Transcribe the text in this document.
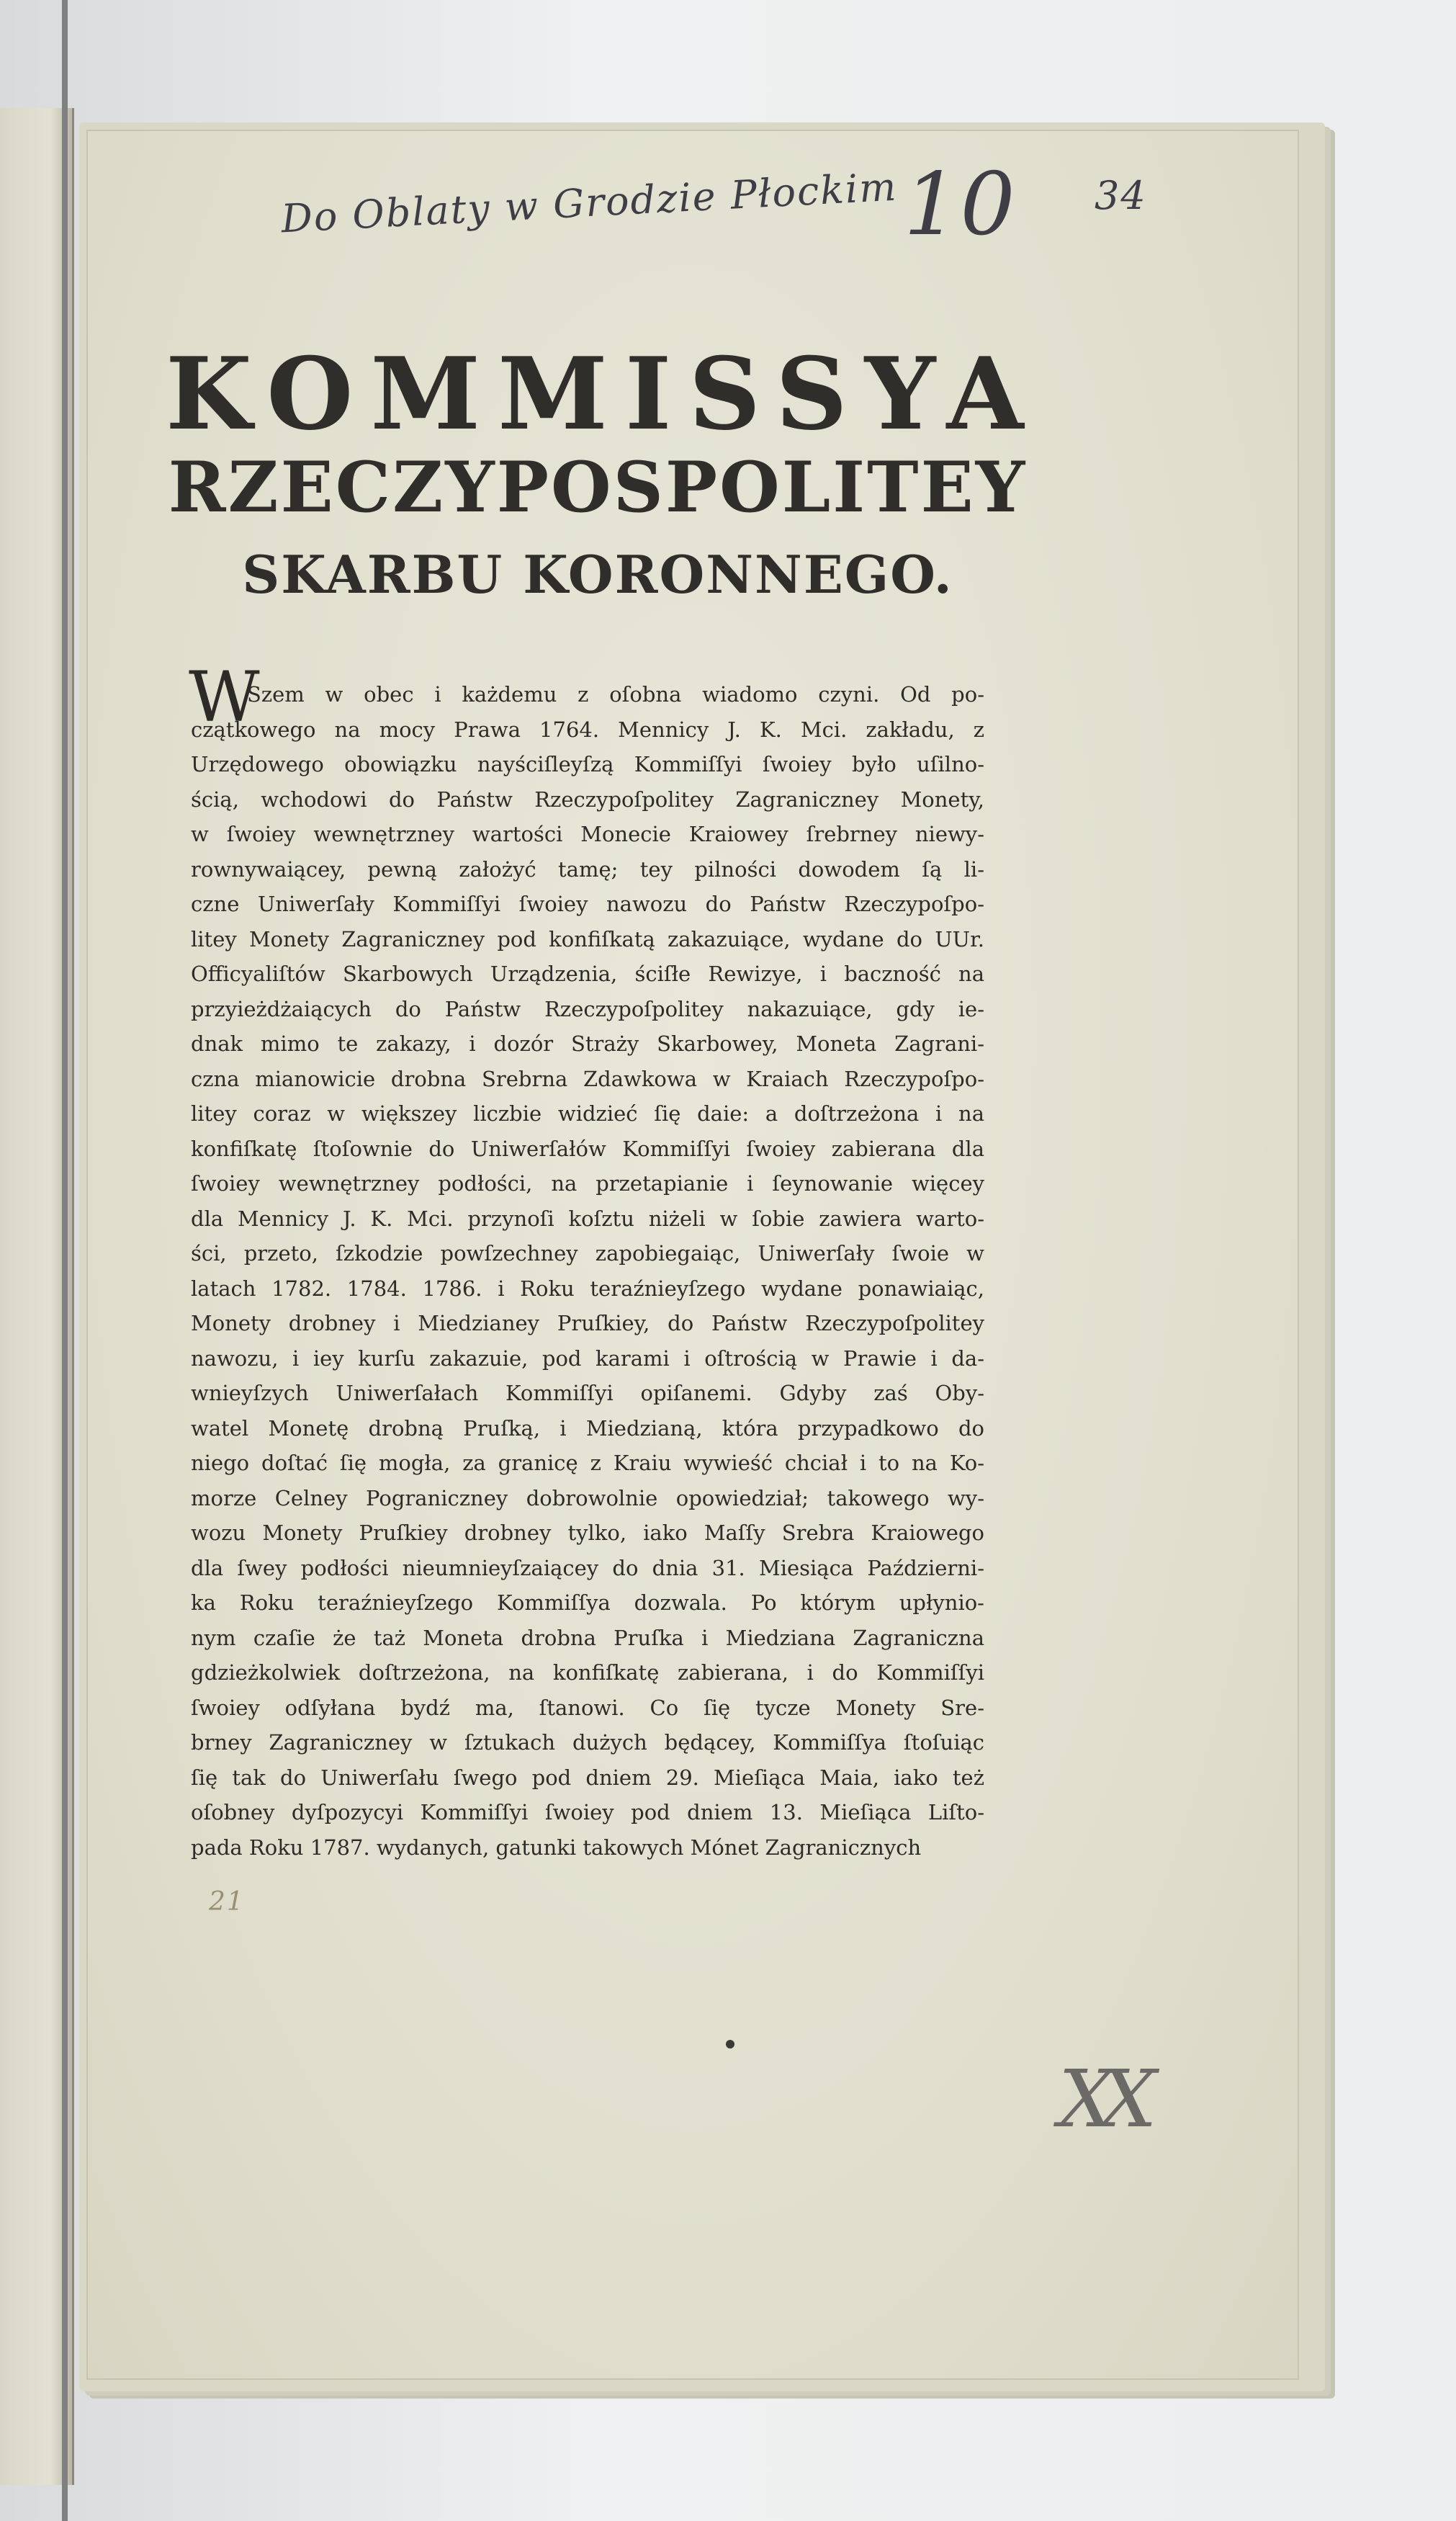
Do Oblaty w Grodzie Płockim 10 34
KOMMISSYA
RZECZYPOSPOLITEY
SKARBU KORONNEGO.
W
Szem w obec i każdemu z oſobna wiadomo czyni. Od po-
czątkowego na mocy Prawa 1764. Mennicy J. K. Mci. zakładu, z
Urzędowego obowiązku nayściſleyſzą Kommiſſyi ſwoiey było uſilno-
ścią, wchodowi do Państw Rzeczypoſpolitey Zagraniczney Monety,
w ſwoiey wewnętrzney wartości Monecie Kraiowey ſrebrney niewy-
rownywaiącey, pewną założyć tamę; tey pilności dowodem ſą li-
czne Uniwerſały Kommiſſyi ſwoiey nawozu do Państw Rzeczypoſpo-
litey Monety Zagraniczney pod konfiſkatą zakazuiące, wydane do UUr.
Officyaliſtów Skarbowych Urządzenia, ściſłe Rewizye, i baczność na
przyieżdżaiących do Państw Rzeczypoſpolitey nakazuiące, gdy ie-
dnak mimo te zakazy, i dozór Straży Skarbowey, Moneta Zagrani-
czna mianowicie drobna Srebrna Zdawkowa w Kraiach Rzeczypoſpo-
litey coraz w większey liczbie widzieć ſię daie: a doſtrzeżona i na
konfiſkatę ſtoſownie do Uniwerſałów Kommiſſyi ſwoiey zabierana dla
ſwoiey wewnętrzney podłości, na przetapianie i ſeynowanie więcey
dla Mennicy J. K. Mci. przynoſi koſztu niżeli w ſobie zawiera warto-
ści, przeto, ſzkodzie powſzechney zapobiegaiąc, Uniwerſały ſwoie w
latach 1782. 1784. 1786. i Roku teraźnieyſzego wydane ponawiaiąc,
Monety drobney i Miedzianey Pruſkiey, do Państw Rzeczypoſpolitey
nawozu, i iey kurſu zakazuie, pod karami i oſtrością w Prawie i da-
wnieyſzych Uniwerſałach Kommiſſyi opiſanemi. Gdyby zaś Oby-
watel Monetę drobną Pruſką, i Miedzianą, która przypadkowo do
niego doſtać ſię mogła, za granicę z Kraiu wywieść chciał i to na Ko-
morze Celney Pograniczney dobrowolnie opowiedział; takowego wy-
wozu Monety Pruſkiey drobney tylko, iako Maſſy Srebra Kraiowego
dla ſwey podłości nieumnieyſzaiącey do dnia 31. Miesiąca Październi-
ka Roku teraźnieyſzego Kommiſſya dozwala. Po którym upłynio-
nym czaſie że taż Moneta drobna Pruſka i Miedziana Zagraniczna
gdzieżkolwiek doſtrzeżona, na konfiſkatę zabierana, i do Kommiſſyi
ſwoiey odſyłana bydź ma, ſtanowi. Co ſię tycze Monety Sre-
brney Zagraniczney w ſztukach dużych będącey, Kommiſſya ſtoſuiąc
ſię tak do Uniwerſału ſwego pod dniem 29. Mieſiąca Maia, iako też
oſobney dyſpozycyi Kommiſſyi ſwoiey pod dniem 13. Mieſiąca Liſto-
pada Roku 1787. wydanych, gatunki takowych Mónet Zagranicznych
21
XX
